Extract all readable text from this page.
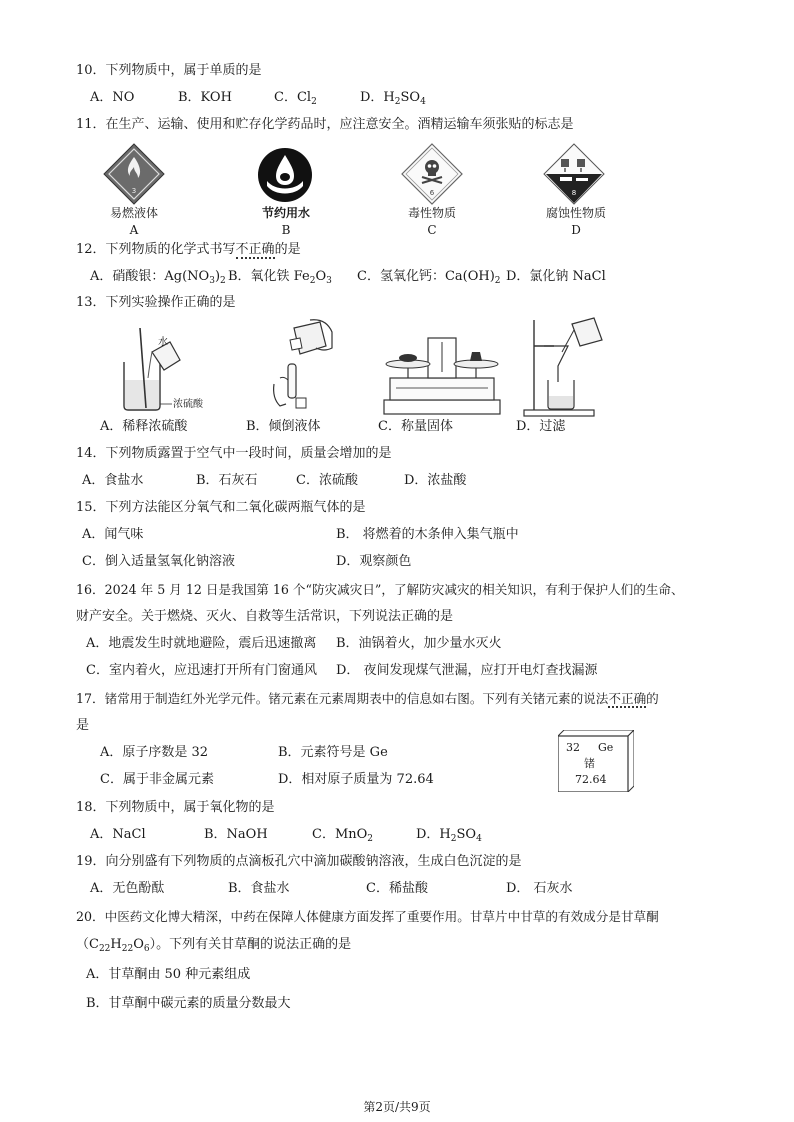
10．下列物质中，属于单质的是
A．NO	B．KOH	C．$Cl_2$	D．$H_2SO_4$
11．在生产、运输、使用和贮存化学药品时，应注意安全。酒精运输车须张贴的标志是
3
易燃液体
A
节约用水
B
6
毒性物质
C
8
腐蚀性物质
D
12．下列物质的化学式书写不正确的是
A．硝酸银：$Ag(NO_3)_2$ B．氧化铁 $Fe_2O_3$ C．氢氧化钙：$Ca(OH)_2$ D．氯化钠 NaCl
13．下列实验操作正确的是
水
浓硫酸
A．稀释浓硫酸	B．倾倒液体	C．称量固体	D．过滤
14．下列物质露置于空气中一段时间，质量会增加的是
A．食盐水	B．石灰石	C．浓硫酸	D．浓盐酸
15．下列方法能区分氧气和二氧化碳两瓶气体的是
A．闻气味	B． 将燃着的木条伸入集气瓶中
C．倒入适量氢氧化钠溶液	D．观察颜色
16．2024 年 5 月 12 日是我国第 16 个“防灾减灾日”，了解防灾减灾的相关知识，有利于保护人们的生命、
财产安全。关于燃烧、灭火、自救等生活常识，下列说法正确的是
A．地震发生时就地避险，震后迅速撤离 B．油锅着火，加少量水灭火
C．室内着火，应迅速打开所有门窗通风 D． 夜间发现煤气泄漏，应打开电灯查找漏源
17．锗常用于制造红外光学元件。锗元素在元素周期表中的信息如右图。下列有关锗元素的说法不正确的
是
A．原子序数是 32	B．元素符号是 Ge
C．属于非金属元素	D．相对原子质量为 72.64
32 Ge
锗
72.64
18．下列物质中，属于氧化物的是
A．NaCl	B．NaOH	C．MnO$_2$	D．$H_2SO_4$
19．向分别盛有下列物质的点滴板孔穴中滴加碳酸钠溶液，生成白色沉淀的是
A．无色酚酞	B．食盐水	C．稀盐酸	D． 石灰水
20．中医药文化博大精深，中药在保障人体健康方面发挥了重要作用。甘草片中甘草的有效成分是甘草酮
$(C_{22}H_{22}O_6)$。下列有关甘草酮的说法正确的是
A．甘草酮由 50 种元素组成
B．甘草酮中碳元素的质量分数最大
第2页/共9页
